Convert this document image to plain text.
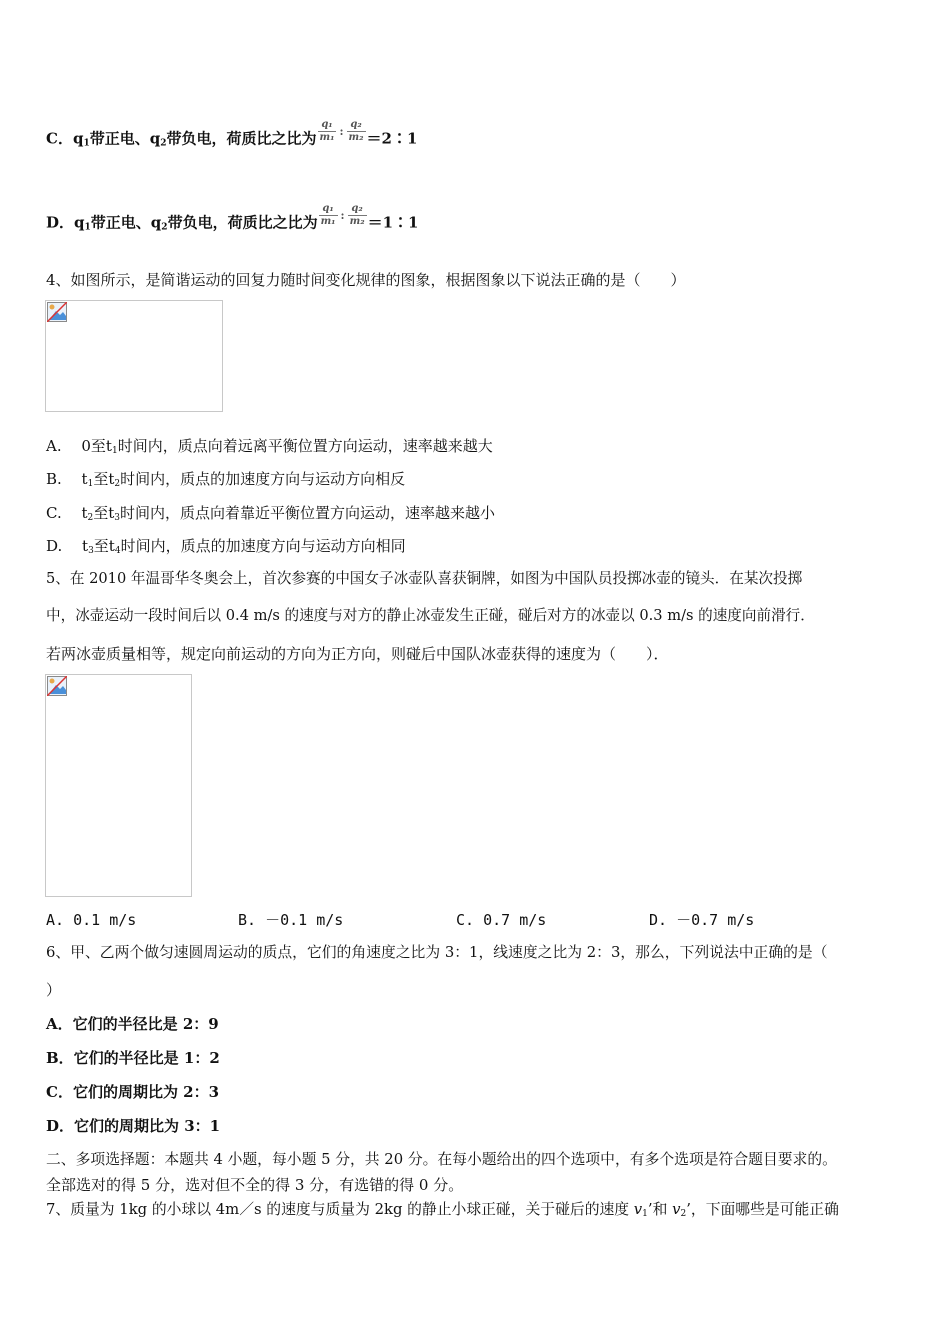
C．$q_1$带正电、$q_2$带负电，荷质比之比为 $\frac{\text{q₁}}{\text{m₁}}$ : $\frac{\text{q₂}}{\text{m₂}}$ ＝2∶1
D．$q_1$带正电、$q_2$带负电，荷质比之比为 $\frac{\text{q₁}}{\text{m₁}}$ : $\frac{\text{q₂}}{\text{m₂}}$ ＝1∶1
4、如图所示，是简谐运动的回复力随时间变化规律的图象，根据图象以下说法正确的是（　　）
A.　 0至$t_1$时间内，质点向着远离平衡位置方向运动，速率越来越大
B.　 $t_1$至$t_2$时间内，质点的加速度方向与运动方向相反
C.　 $t_2$至$t_3$时间内，质点向着靠近平衡位置方向运动，速率越来越小
D.　 $t_3$至$t_4$时间内，质点的加速度方向与运动方向相同
5、在 2010 年温哥华冬奥会上，首次参赛的中国女子冰壶队喜获铜牌，如图为中国队员投掷冰壶的镜头．在某次投掷
中，冰壶运动一段时间后以 0.4 m/s 的速度与对方的静止冰壶发生正碰，碰后对方的冰壶以 0.3 m/s 的速度向前滑行．
若两冰壶质量相等，规定向前运动的方向为正方向，则碰后中国队冰壶获得的速度为（　　）．
A. 0.1 m/s	B. －0.1 m/s	C. 0.7 m/s	D. －0.7 m/s
6、甲、乙两个做匀速圆周运动的质点，它们的角速度之比为 3：1，线速度之比为 2：3，那么，下列说法中正确的是（
）
A．它们的半径比是 2：9
B．它们的半径比是 1：2
C．它们的周期比为 2：3
D．它们的周期比为 3：1
二、多项选择题：本题共 4 小题，每小题 5 分，共 20 分。在每小题给出的四个选项中，有多个选项是符合题目要求的。
全部选对的得 5 分，选对但不全的得 3 分，有选错的得 0 分。
7、质量为 1kg 的小球以 4m／s 的速度与质量为 2kg 的静止小球正碰，关于碰后的速度 $v_1$’和 $v_2$’，下面哪些是可能正确
